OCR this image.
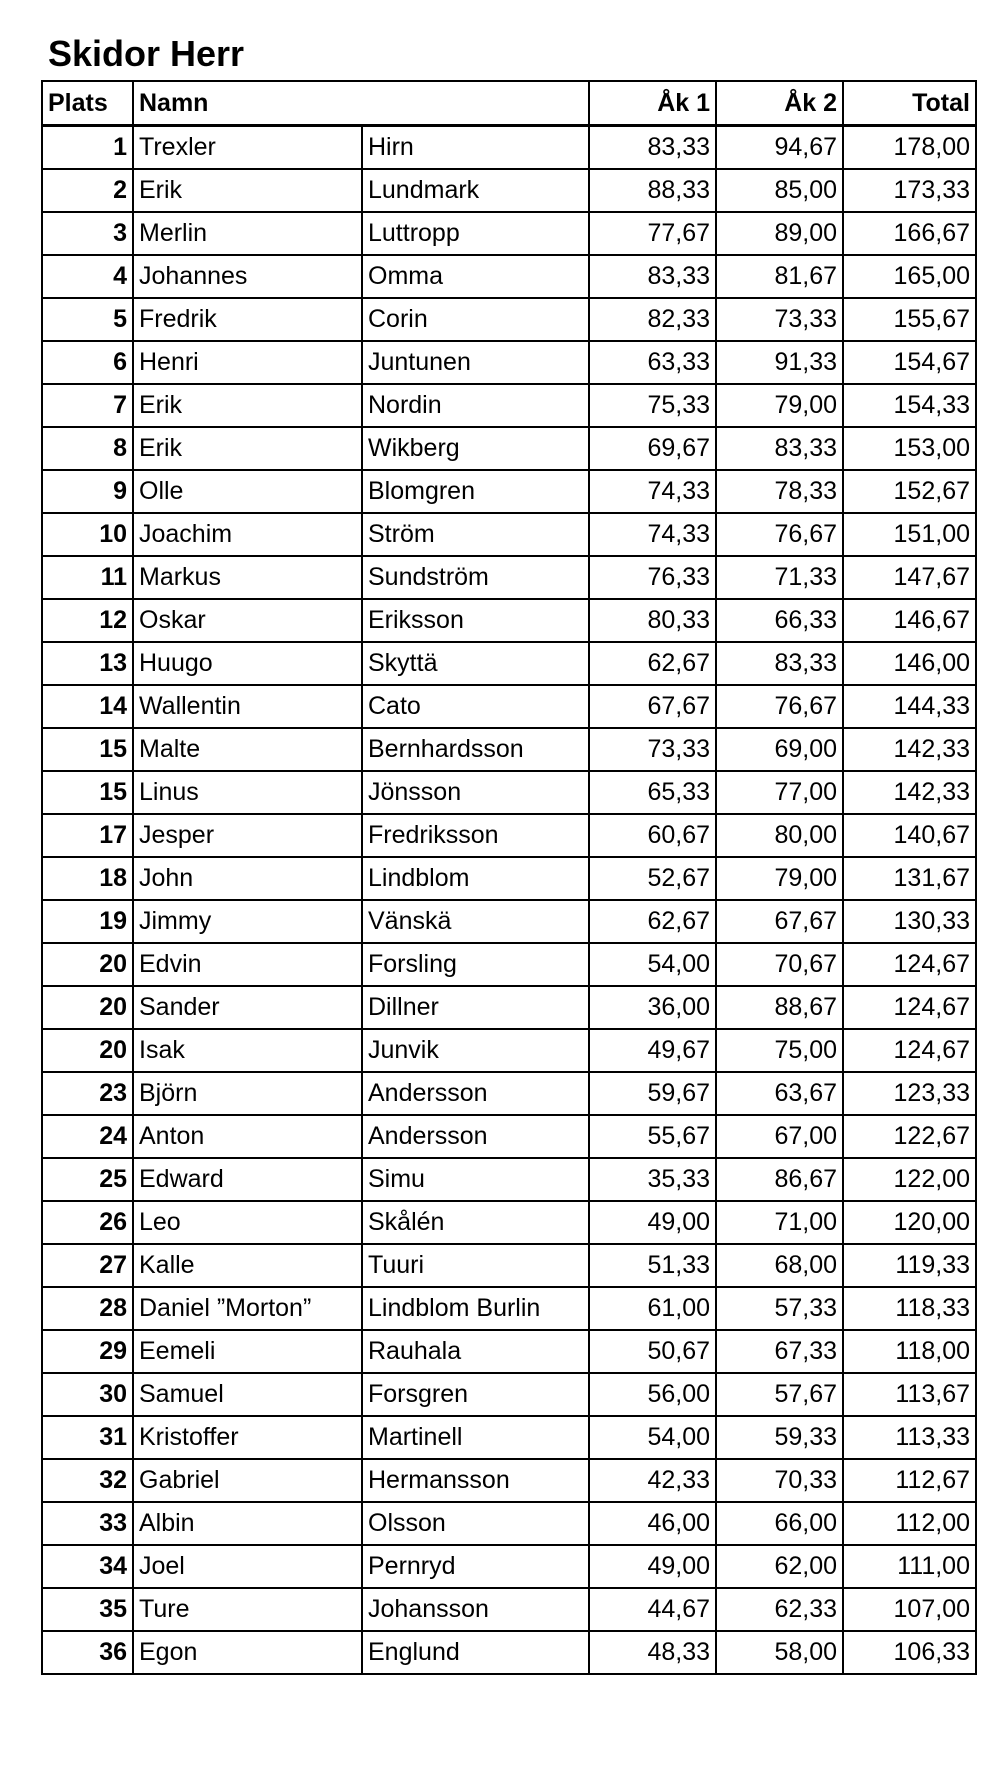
Skidor Herr
Plats	Namn		Åk 1	Åk 2	Total
1	Trexler	Hirn	83,33	94,67	178,00
2	Erik	Lundmark	88,33	85,00	173,33
3	Merlin	Luttropp	77,67	89,00	166,67
4	Johannes	Omma	83,33	81,67	165,00
5	Fredrik	Corin	82,33	73,33	155,67
6	Henri	Juntunen	63,33	91,33	154,67
7	Erik	Nordin	75,33	79,00	154,33
8	Erik	Wikberg	69,67	83,33	153,00
9	Olle	Blomgren	74,33	78,33	152,67
10	Joachim	Ström	74,33	76,67	151,00
11	Markus	Sundström	76,33	71,33	147,67
12	Oskar	Eriksson	80,33	66,33	146,67
13	Huugo	Skyttä	62,67	83,33	146,00
14	Wallentin	Cato	67,67	76,67	144,33
15	Malte	Bernhardsson	73,33	69,00	142,33
15	Linus	Jönsson	65,33	77,00	142,33
17	Jesper	Fredriksson	60,67	80,00	140,67
18	John	Lindblom	52,67	79,00	131,67
19	Jimmy	Vänskä	62,67	67,67	130,33
20	Edvin	Forsling	54,00	70,67	124,67
20	Sander	Dillner	36,00	88,67	124,67
20	Isak	Junvik	49,67	75,00	124,67
23	Björn	Andersson	59,67	63,67	123,33
24	Anton	Andersson	55,67	67,00	122,67
25	Edward	Simu	35,33	86,67	122,00
26	Leo	Skålén	49,00	71,00	120,00
27	Kalle	Tuuri	51,33	68,00	119,33
28	Daniel ”Morton”	Lindblom Burlin	61,00	57,33	118,33
29	Eemeli	Rauhala	50,67	67,33	118,00
30	Samuel	Forsgren	56,00	57,67	113,67
31	Kristoffer	Martinell	54,00	59,33	113,33
32	Gabriel	Hermansson	42,33	70,33	112,67
33	Albin	Olsson	46,00	66,00	112,00
34	Joel	Pernryd	49,00	62,00	111,00
35	Ture	Johansson	44,67	62,33	107,00
36	Egon	Englund	48,33	58,00	106,33
